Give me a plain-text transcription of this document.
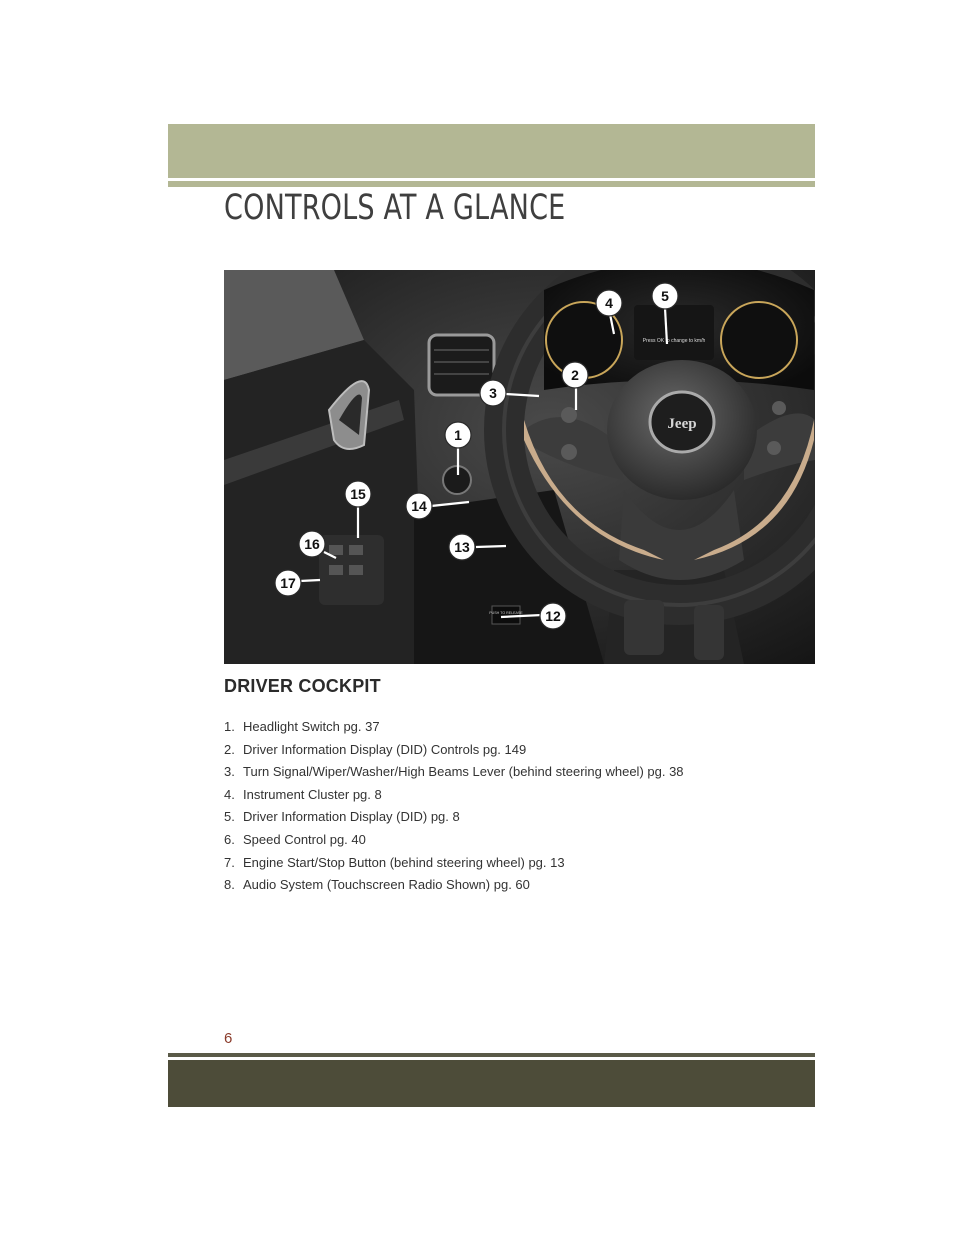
CONTROLS AT A GLANCE
Press OK to change to km/h
Jeep
PUSH TO RELEASE
1
2
3
4	5
12
13
14
15
16
17
DRIVER COCKPIT
1. Headlight Switch pg. 37
2. Driver Information Display (DID) Controls pg. 149
3. Turn Signal/Wiper/Washer/High Beams Lever (behind steering wheel) pg. 38
4. Instrument Cluster pg. 8
5. Driver Information Display (DID) pg. 8
6. Speed Control pg. 40
7. Engine Start/Stop Button (behind steering wheel) pg. 13
8. Audio System (Touchscreen Radio Shown) pg. 60
6
